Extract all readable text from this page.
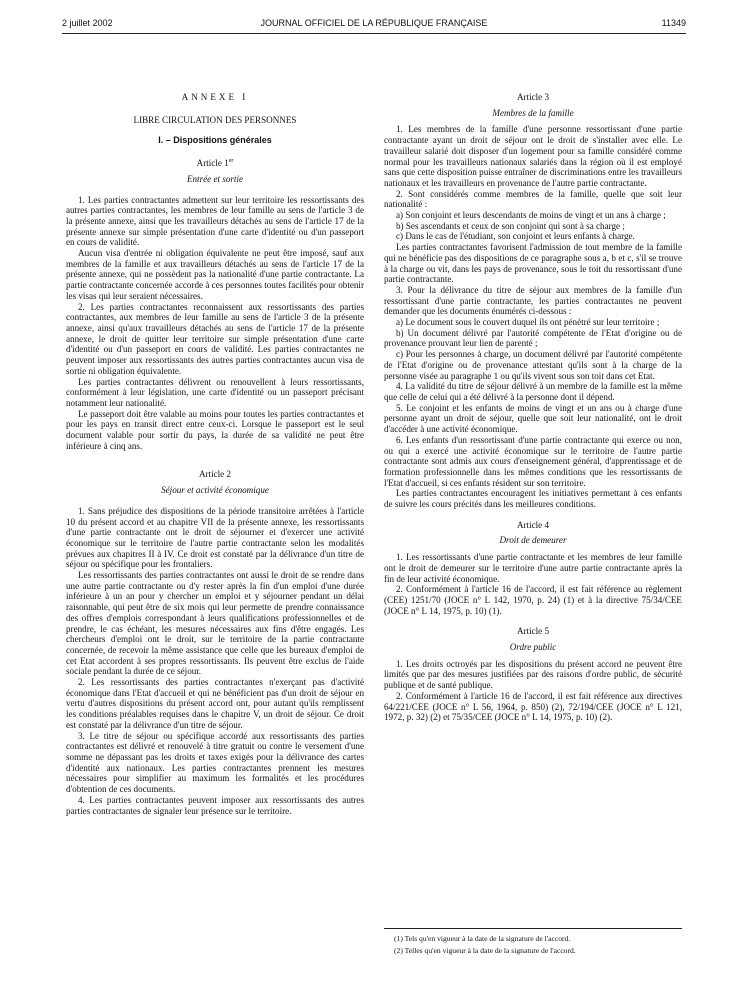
2 juillet 2002	JOURNAL OFFICIEL DE LA RÉPUBLIQUE FRANÇAISE	11349

ANNEXE I

LIBRE CIRCULATION DES PERSONNES

I. – Dispositions générales

Article 1er

Entrée et sortie

1. Les parties contractantes admettent sur leur territoire les ressortissants des autres parties contractantes, les membres de leur famille au sens de l'article 3 de la présente annexe, ainsi que les travailleurs détachés au sens de l'article 17 de la présente annexe sur simple présentation d'une carte d'identité ou d'un passeport en cours de validité.

Aucun visa d'entrée ni obligation équivalente ne peut être imposé, sauf aux membres de la famille et aux travailleurs détachés au sens de l'article 17 de la présente annexe, qui ne possèdent pas la nationalité d'une partie contractante. La partie contractante concernée accorde à ces personnes toutes facilités pour obtenir les visas qui leur seraient nécessaires.

2. Les parties contractantes reconnaissent aux ressortissants des parties contractantes, aux membres de leur famille au sens de l'article 3 de la présente annexe, ainsi qu'aux travailleurs détachés au sens de l'article 17 de la présente annexe, le droit de quitter leur territoire sur simple présentation d'une carte d'identité ou d'un passeport en cours de validité. Les parties contractantes ne peuvent imposer aux ressortissants des autres parties contractantes aucun visa de sortie ni obligation équivalente.

Les parties contractantes délivrent ou renouvellent à leurs ressortissants, conformément à leur législation, une carte d'identité ou un passeport précisant notamment leur nationalité.

Le passeport doit être valable au moins pour toutes les parties contractantes et pour les pays en transit direct entre ceux-ci. Lorsque le passeport est le seul document valable pour sortir du pays, la durée de sa validité ne peut être inférieure à cinq ans.

Article 2

Séjour et activité économique

1. Sans préjudice des dispositions de la période transitoire arrêtées à l'article 10 du présent accord et au chapitre VII de la présente annexe, les ressortissants d'une partie contractante ont le droit de séjourner et d'exercer une activité économique sur le territoire de l'autre partie contractante selon les modalités prévues aux chapitres II à IV. Ce droit est constaté par la délivrance d'un titre de séjour ou spécifique pour les frontaliers.

Les ressortissants des parties contractantes ont aussi le droit de se rendre dans une autre partie contractante ou d'y rester après la fin d'un emploi d'une durée inférieure à un an pour y chercher un emploi et y séjourner pendant un délai raisonnable, qui peut être de six mois qui leur permette de prendre connaissance des offres d'emplois correspondant à leurs qualifications professionnelles et de prendre, le cas échéant, les mesures nécessaires aux fins d'être engagés. Les chercheurs d'emploi ont le droit, sur le territoire de la partie contractante concernée, de recevoir la même assistance que celle que les bureaux d'emploi de cet Etat accordent à ses propres ressortissants. Ils peuvent être exclus de l'aide sociale pendant la durée de ce séjour.

2. Les ressortissants des parties contractantes n'exerçant pas d'activité économique dans l'Etat d'accueil et qui ne bénéficient pas d'un droit de séjour en vertu d'autres dispositions du présent accord ont, pour autant qu'ils remplissent les conditions préalables requises dans le chapitre V, un droit de séjour. Ce droit est constaté par la délivrance d'un titre de séjour.

3. Le titre de séjour ou spécifique accordé aux ressortissants des parties contractantes est délivré et renouvelé à titre gratuit ou contre le versement d'une somme ne dépassant pas les droits et taxes exigés pour la délivrance des cartes d'identité aux nationaux. Les parties contractantes prennent les mesures nécessaires pour simplifier au maximum les formalités et les procédures d'obtention de ces documents.

4. Les parties contractantes peuvent imposer aux ressortissants des autres parties contractantes de signaler leur présence sur le territoire.

Article 3

Membres de la famille

1. Les membres de la famille d'une personne ressortissant d'une partie contractante ayant un droit de séjour ont le droit de s'installer avec elle. Le travailleur salarié doit disposer d'un logement pour sa famille considéré comme normal pour les travailleurs nationaux salariés dans la région où il est employé sans que cette disposition puisse entraîner de discriminations entre les travailleurs nationaux et les travailleurs en provenance de l'autre partie contractante.

2. Sont considérés comme membres de la famille, quelle que soit leur nationalité :

a) Son conjoint et leurs descendants de moins de vingt et un ans à charge ;

b) Ses ascendants et ceux de son conjoint qui sont à sa charge ;

c) Dans le cas de l'étudiant, son conjoint et leurs enfants à charge.

Les parties contractantes favorisent l'admission de tout membre de la famille qui ne bénéficie pas des dispositions de ce paragraphe sous a, b et c, s'il se trouve à la charge ou vit, dans les pays de provenance, sous le toit du ressortissant d'une partie contractante.

3. Pour la délivrance du titre de séjour aux membres de la famille d'un ressortissant d'une partie contractante, les parties contractantes ne peuvent demander que les documents énumérés ci-dessous :

a) Le document sous le couvert duquel ils ont pénétré sur leur territoire ;

b) Un document délivré par l'autorité compétente de l'Etat d'origine ou de provenance prouvant leur lien de parenté ;

c) Pour les personnes à charge, un document délivré par l'autorité compétente de l'Etat d'origine ou de provenance attestant qu'ils sont à la charge de la personne visée au paragraphe 1 ou qu'ils vivent sous son toit dans cet Etat.

4. La validité du titre de séjour délivré à un membre de la famille est la même que celle de celui qui a été délivré à la personne dont il dépend.

5. Le conjoint et les enfants de moins de vingt et un ans ou à charge d'une personne ayant un droit de séjour, quelle que soit leur nationalité, ont le droit d'accéder à une activité économique.

6. Les enfants d'un ressortissant d'une partie contractante qui exerce ou non, ou qui a exercé une activité économique sur le territoire de l'autre partie contractante sont admis aux cours d'enseignement général, d'apprentissage et de formation professionnelle dans les mêmes conditions que les ressortissants de l'Etat d'accueil, si ces enfants résident sur son territoire.

Les parties contractantes encouragent les initiatives permettant à ces enfants de suivre les cours précités dans les meilleures conditions.

Article 4

Droit de demeurer

1. Les ressortissants d'une partie contractante et les membres de leur famille ont le droit de demeurer sur le territoire d'une autre partie contractante après la fin de leur activité économique.

2. Conformément à l'article 16 de l'accord, il est fait référence au règlement (CEE) 1251/70 (JOCE n° L 142, 1970, p. 24) (1) et à la directive 75/34/CEE (JOCE n° L 14, 1975, p. 10) (1).

Article 5

Ordre public

1. Les droits octroyés par les dispositions du présent accord ne peuvent être limités que par des mesures justifiées par des raisons d'ordre public, de sécurité publique et de santé publique.

2. Conformément à l'article 16 de l'accord, il est fait référence aux directives 64/221/CEE (JOCE n° L 56, 1964, p. 850) (2), 72/194/CEE (JOCE n° L 121, 1972, p. 32) (2) et 75/35/CEE (JOCE n° L 14, 1975, p. 10) (2).

(1) Tels qu'en vigueur à la date de la signature de l'accord.

(2) Telles qu'en vigueur à la date de la signature de l'accord.
